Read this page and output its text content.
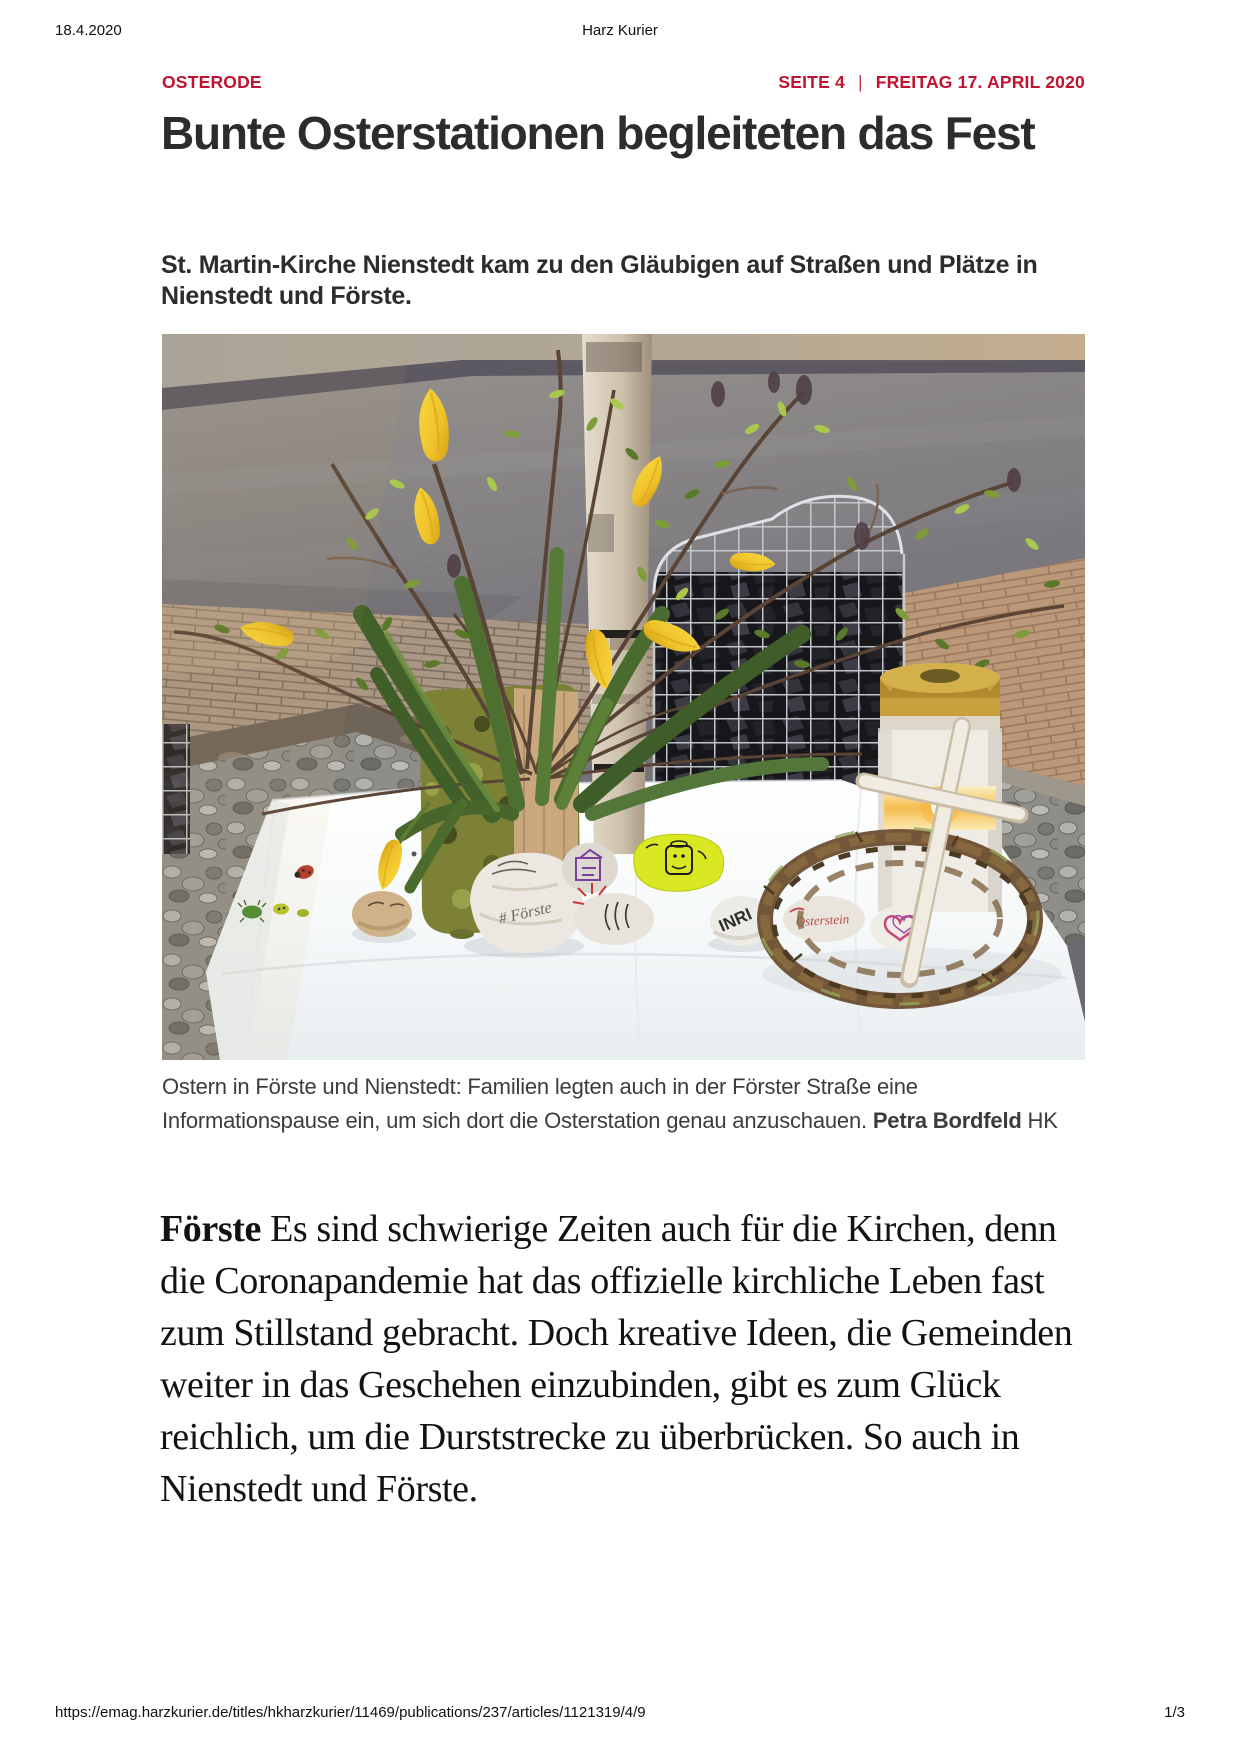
18.4.2020	Harz Kurier
OSTERODE	SEITE 4 | FREITAG 17. APRIL 2020
Bunte Osterstationen begleiteten das Fest
St. Martin-Kirche Nienstedt kam zu den Gläubigen auf Straßen und Plätze in Nienstedt und Förste.
# Förste	INRI	Osterstein

Ostern in Förste und Nienstedt: Familien legten auch in der Förster Straße eine Informationspause ein, um sich dort die Osterstation genau anzuschauen. Petra Bordfeld HK

Förste Es sind schwierige Zeiten auch für die Kirchen, denn die Coronapandemie hat das offizielle kirchliche Leben fast zum Stillstand gebracht. Doch kreative Ideen, die Gemeinden weiter in das Geschehen einzubinden, gibt es zum Glück reichlich, um die Durststrecke zu überbrücken. So auch in Nienstedt und Förste.

https://emag.harzkurier.de/titles/hkharzkurier/11469/publications/237/articles/1121319/4/9	1/3
